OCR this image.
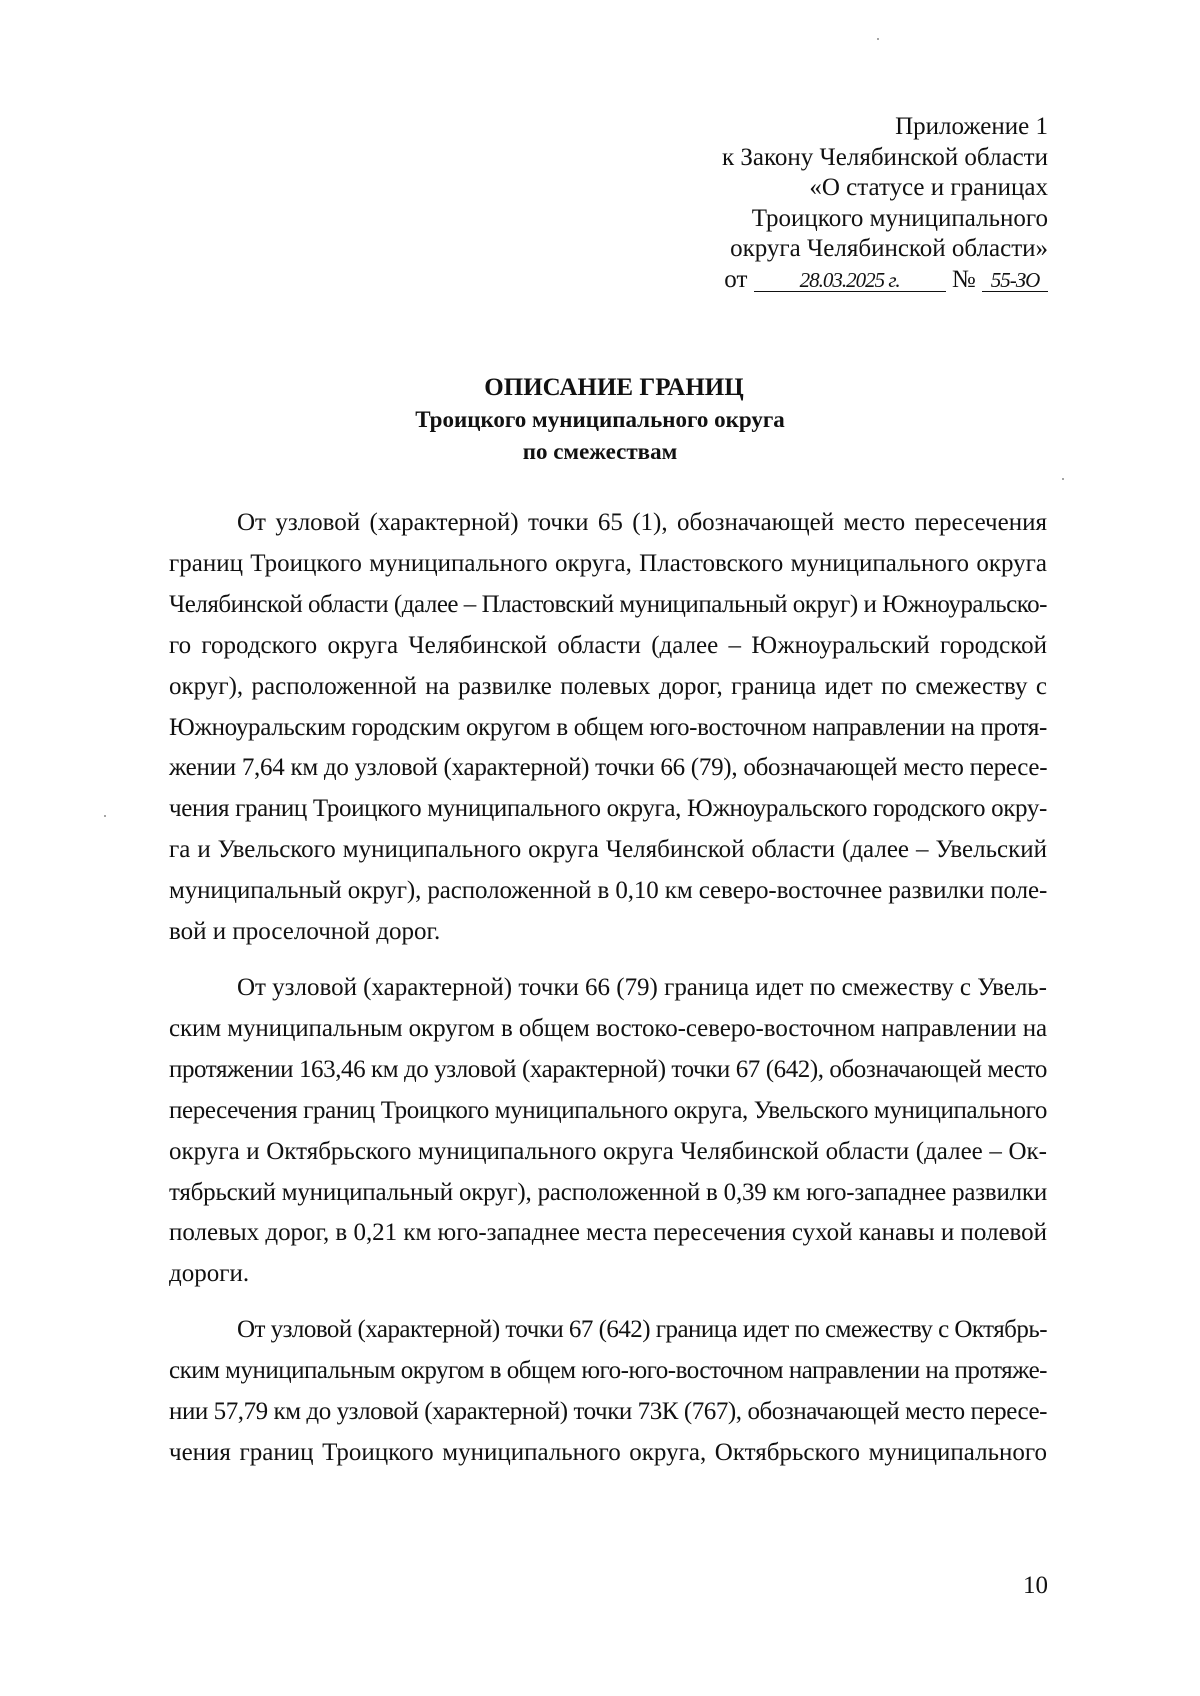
Приложение 1
к Закону Челябинской области
«О статусе и границах
Троицкого муниципального
округа Челябинской области»
от 28.03.2025 г. № 55-ЗО
ОПИСАНИЕ ГРАНИЦ
Троицкого муниципального округа
по смежествам
От узловой (характерной) точки 65 (1), обозначающей место пересечения
границ Троицкого муниципального округа, Пластовского муниципального округа
Челябинской области (далее – Пластовский муниципальный округ) и Южноуральско-
го городского округа Челябинской области (далее – Южноуральский городской
округ), расположенной на развилке полевых дорог, граница идет по смежеству с
Южноуральским городским округом в общем юго-восточном направлении на протя-
жении 7,64 км до узловой (характерной) точки 66 (79), обозначающей место пересе-
чения границ Троицкого муниципального округа, Южноуральского городского окру-
га и Увельского муниципального округа Челябинской области (далее – Увельский
муниципальный округ), расположенной в 0,10 км северо-восточнее развилки поле-
вой и проселочной дорог.
От узловой (характерной) точки 66 (79) граница идет по смежеству с Увель-
ским муниципальным округом в общем востоко-северо-восточном направлении на
протяжении 163,46 км до узловой (характерной) точки 67 (642), обозначающей место
пересечения границ Троицкого муниципального округа, Увельского муниципального
округа и Октябрьского муниципального округа Челябинской области (далее – Ок-
тябрьский муниципальный округ), расположенной в 0,39 км юго-западнее развилки
полевых дорог, в 0,21 км юго-западнее места пересечения сухой канавы и полевой
дороги.
От узловой (характерной) точки 67 (642) граница идет по смежеству с Октябрь-
ским муниципальным округом в общем юго-юго-восточном направлении на протяже-
нии 57,79 км до узловой (характерной) точки 73К (767), обозначающей место пересе-
чения границ Троицкого муниципального округа, Октябрьского муниципального
10
